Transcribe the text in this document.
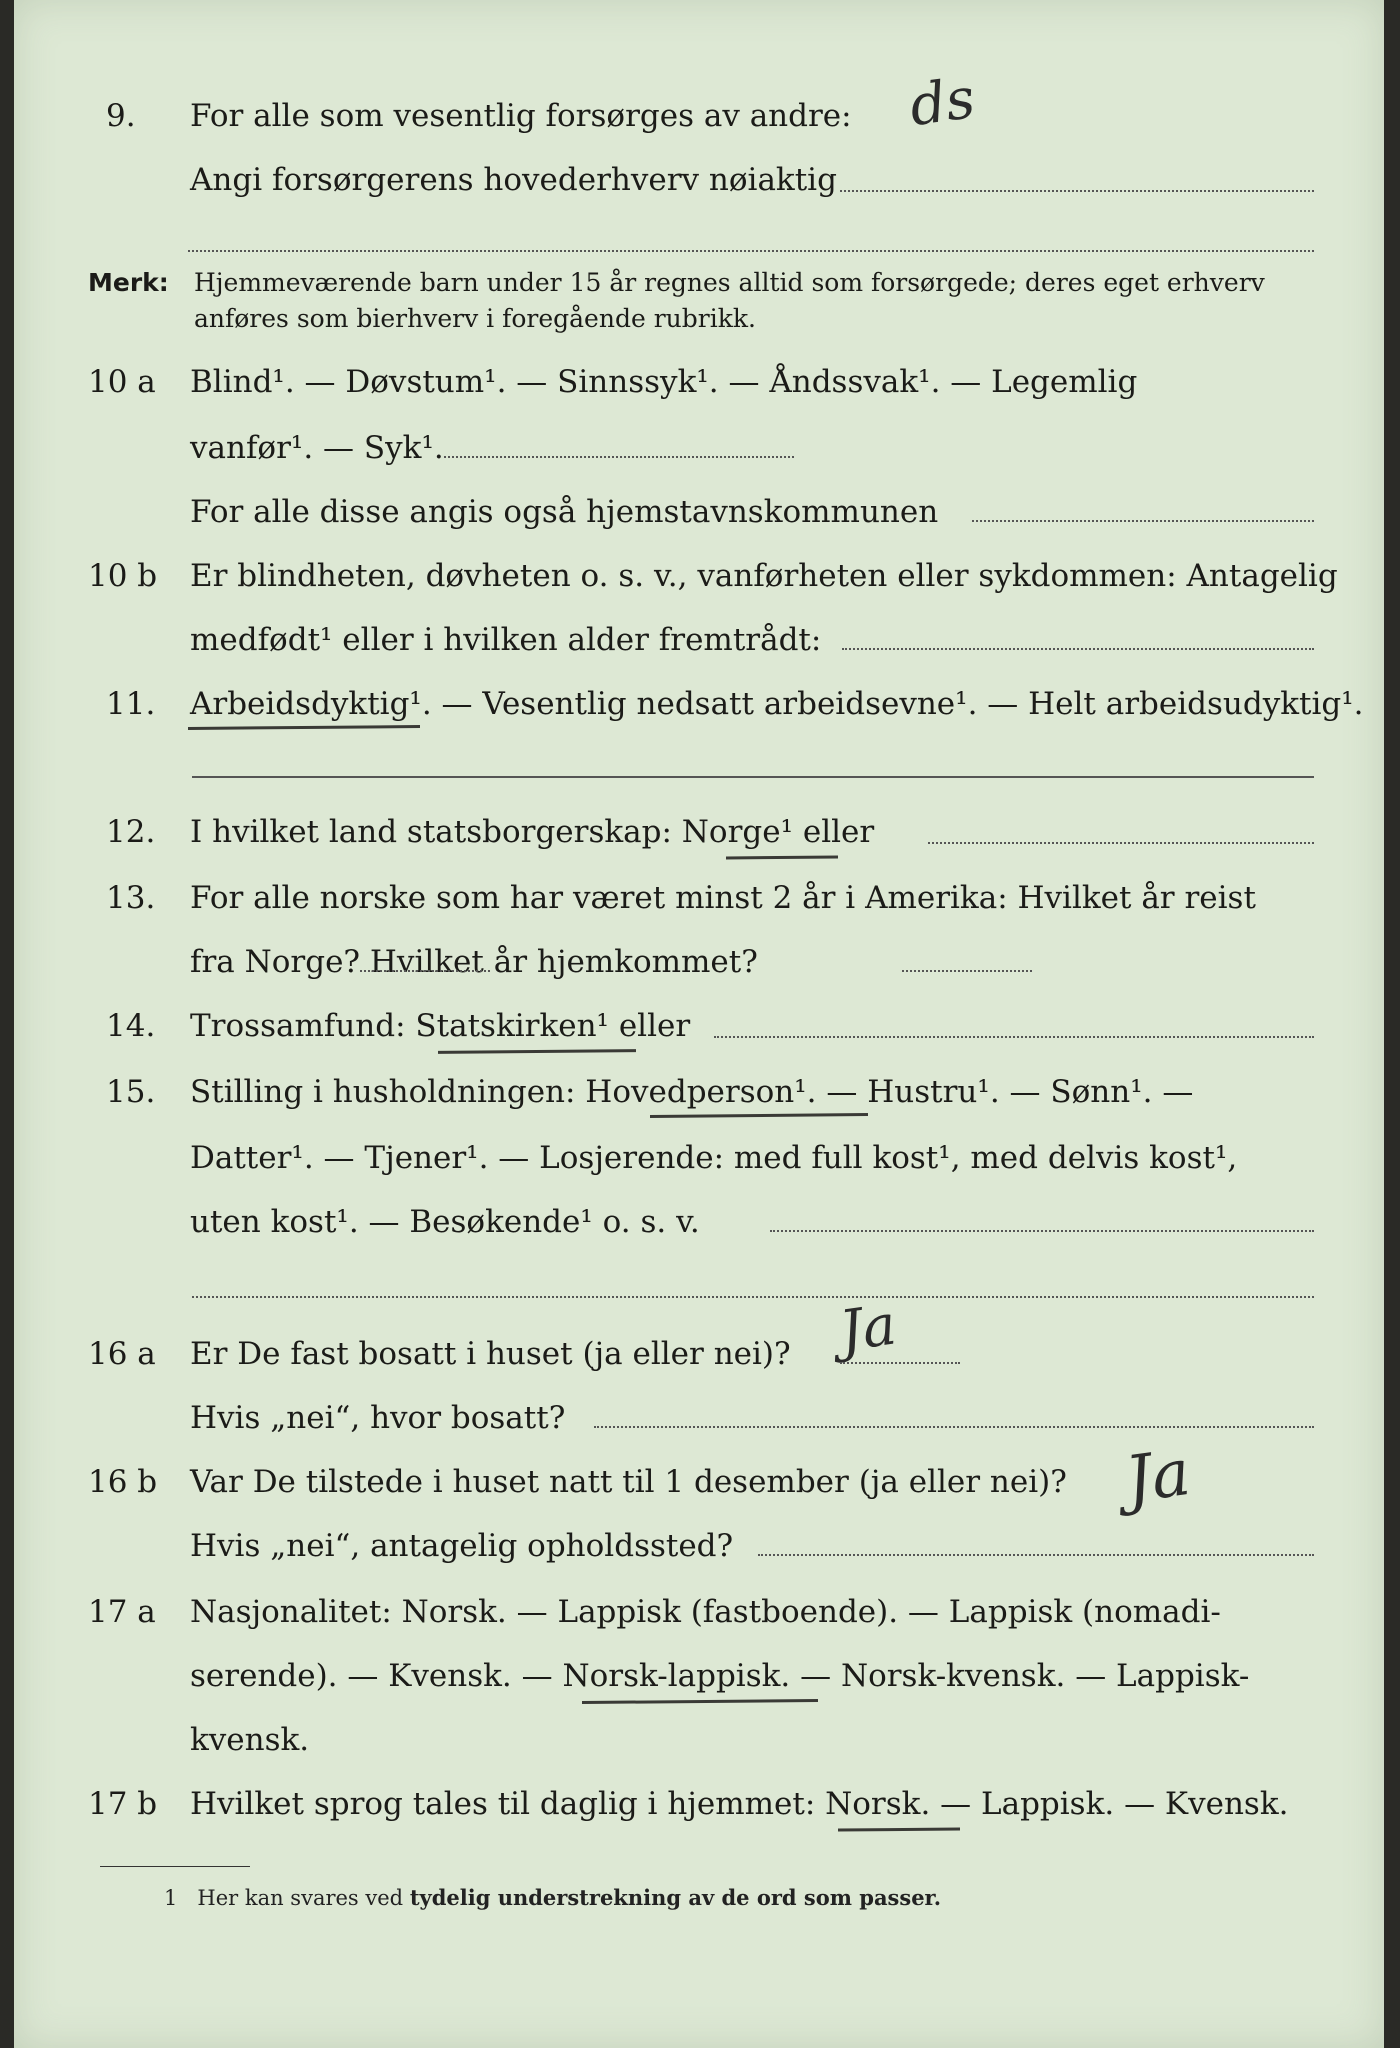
9.	For alle som vesentlig forsørges av andre: ds
Angi forsørgerens hovederhverv nøiaktig
Merk: Hjemmeværende barn under 15 år regnes alltid som forsørgede; deres eget erhverv
anføres som bierhverv i foregående rubrikk.
10 a	Blind¹. — Døvstum¹. — Sinnssyk¹. — Åndssvak¹. — Legemlig
vanfør¹. — Syk¹.
For alle disse angis også hjemstavnskommunen
10 b	Er blindheten, døvheten o. s. v., vanførheten eller sykdommen: Antagelig
medfødt¹ eller i hvilken alder fremtrådt:
11.	Arbeidsdyktig¹. — Vesentlig nedsatt arbeidsevne¹. — Helt arbeidsudyktig¹.
12.	I hvilket land statsborgerskap: Norge¹ eller
13.	For alle norske som har været minst 2 år i Amerika: Hvilket år reist
fra Norge? Hvilket år hjemkommet?
14.	Trossamfund: Statskirken¹ eller
15.	Stilling i husholdningen: Hovedperson¹. — Hustru¹. — Sønn¹. —
Datter¹. — Tjener¹. — Losjerende: med full kost¹, med delvis kost¹,
uten kost¹. — Besøkende¹ o. s. v.
16 a	Er De fast bosatt i huset (ja eller nei)? Ja
Hvis „nei“, hvor bosatt?
16 b	Var De tilstede i huset natt til 1 desember (ja eller nei)? Ja
Hvis „nei“, antagelig opholdssted?
17 a	Nasjonalitet: Norsk. — Lappisk (fastboende). — Lappisk (nomadi-
serende). — Kvensk. — Norsk-lappisk. — Norsk-kvensk. — Lappisk-
kvensk.
17 b	Hvilket sprog tales til daglig i hjemmet: Norsk. — Lappisk. — Kvensk.
1 Her kan svares ved tydelig understrekning av de ord som passer.
